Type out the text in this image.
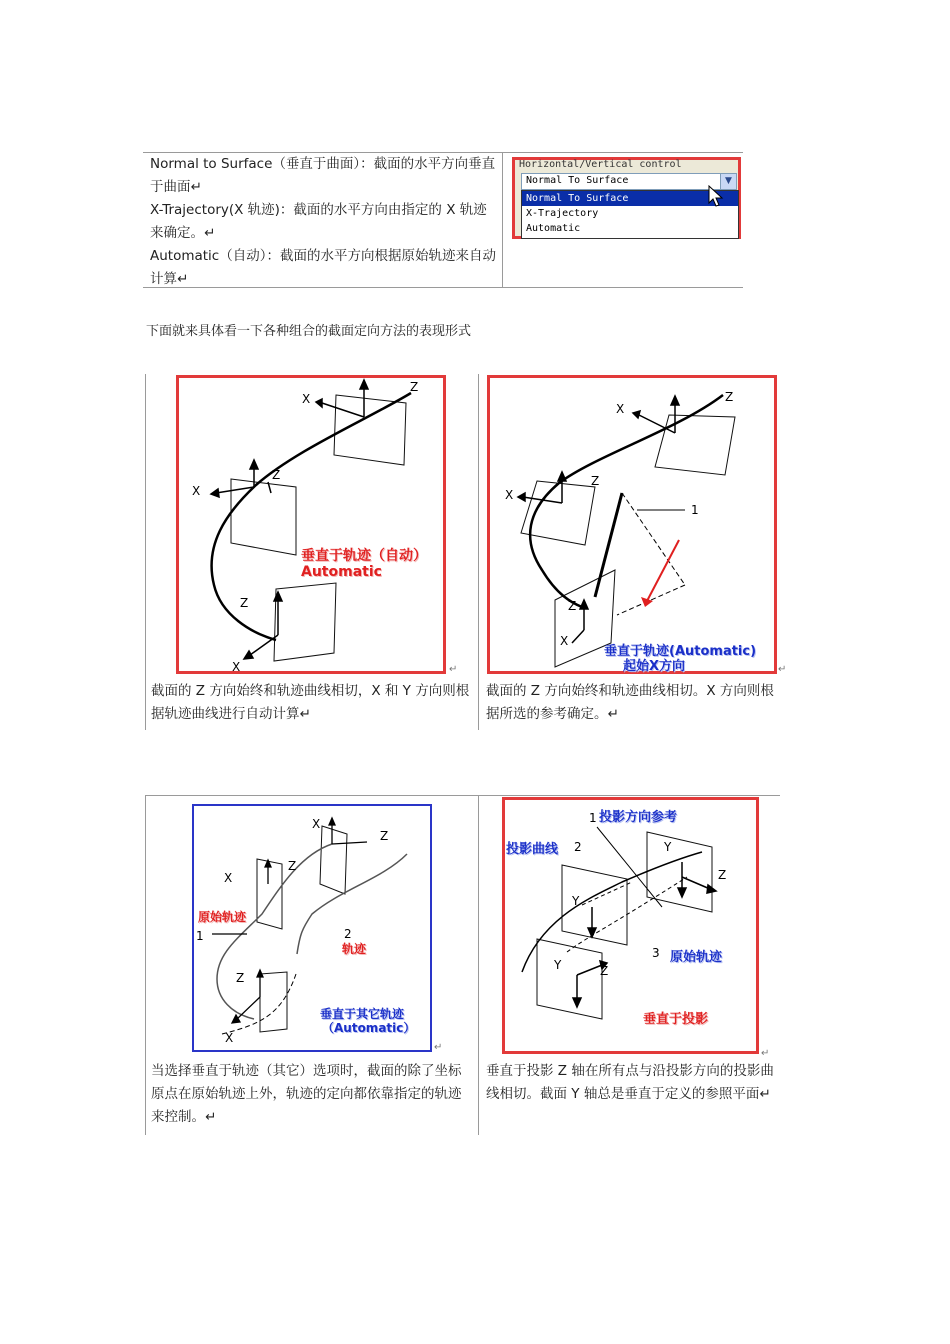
Normal to Surface（垂直于曲面）：截面的水平方向垂直于曲面↵
X-Trajectory(X 轨迹)：截面的水平方向由指定的 X 轨迹来确定。↵
Automatic（自动）：截面的水平方向根据原始轨迹来自动计算↵
Horizontal/Vertical control
Normal To Surface	▼
Normal To Surface
X-Trajectory
Automatic
下面就来具体看一下各种组合的截面定向方法的表现形式
Z
X
X
Z
Z
X
垂直于轨迹（自动）
Automatic
↵
截面的 Z 方向始终和轨迹曲线相切，X 和 Y 方向则根据轨迹曲线进行自动计算↵
Z
X
X
Z
Z
X
1
垂直于轨迹(Automatic)
起始X方向	↵
截面的 Z 方向始终和轨迹曲线相切。X 方向则根据所选的参考确定。↵
X
Z
X
Z
Z
X
1	2
原始轨迹
轨迹
垂直于其它轨迹
（Automatic）
↵
当选择垂直于轨迹（其它）选项时，截面的除了坐标原点在原始轨迹上外，轨迹的定向都依靠指定的轨迹来控制。↵
1
2
3
Y
Z
Y
Z
Y
投影方向参考
投影曲线
原始轨迹
垂直于投影
↵
垂直于投影 Z 轴在所有点与沿投影方向的投影曲线相切。截面 Y 轴总是垂直于定义的参照平面↵
